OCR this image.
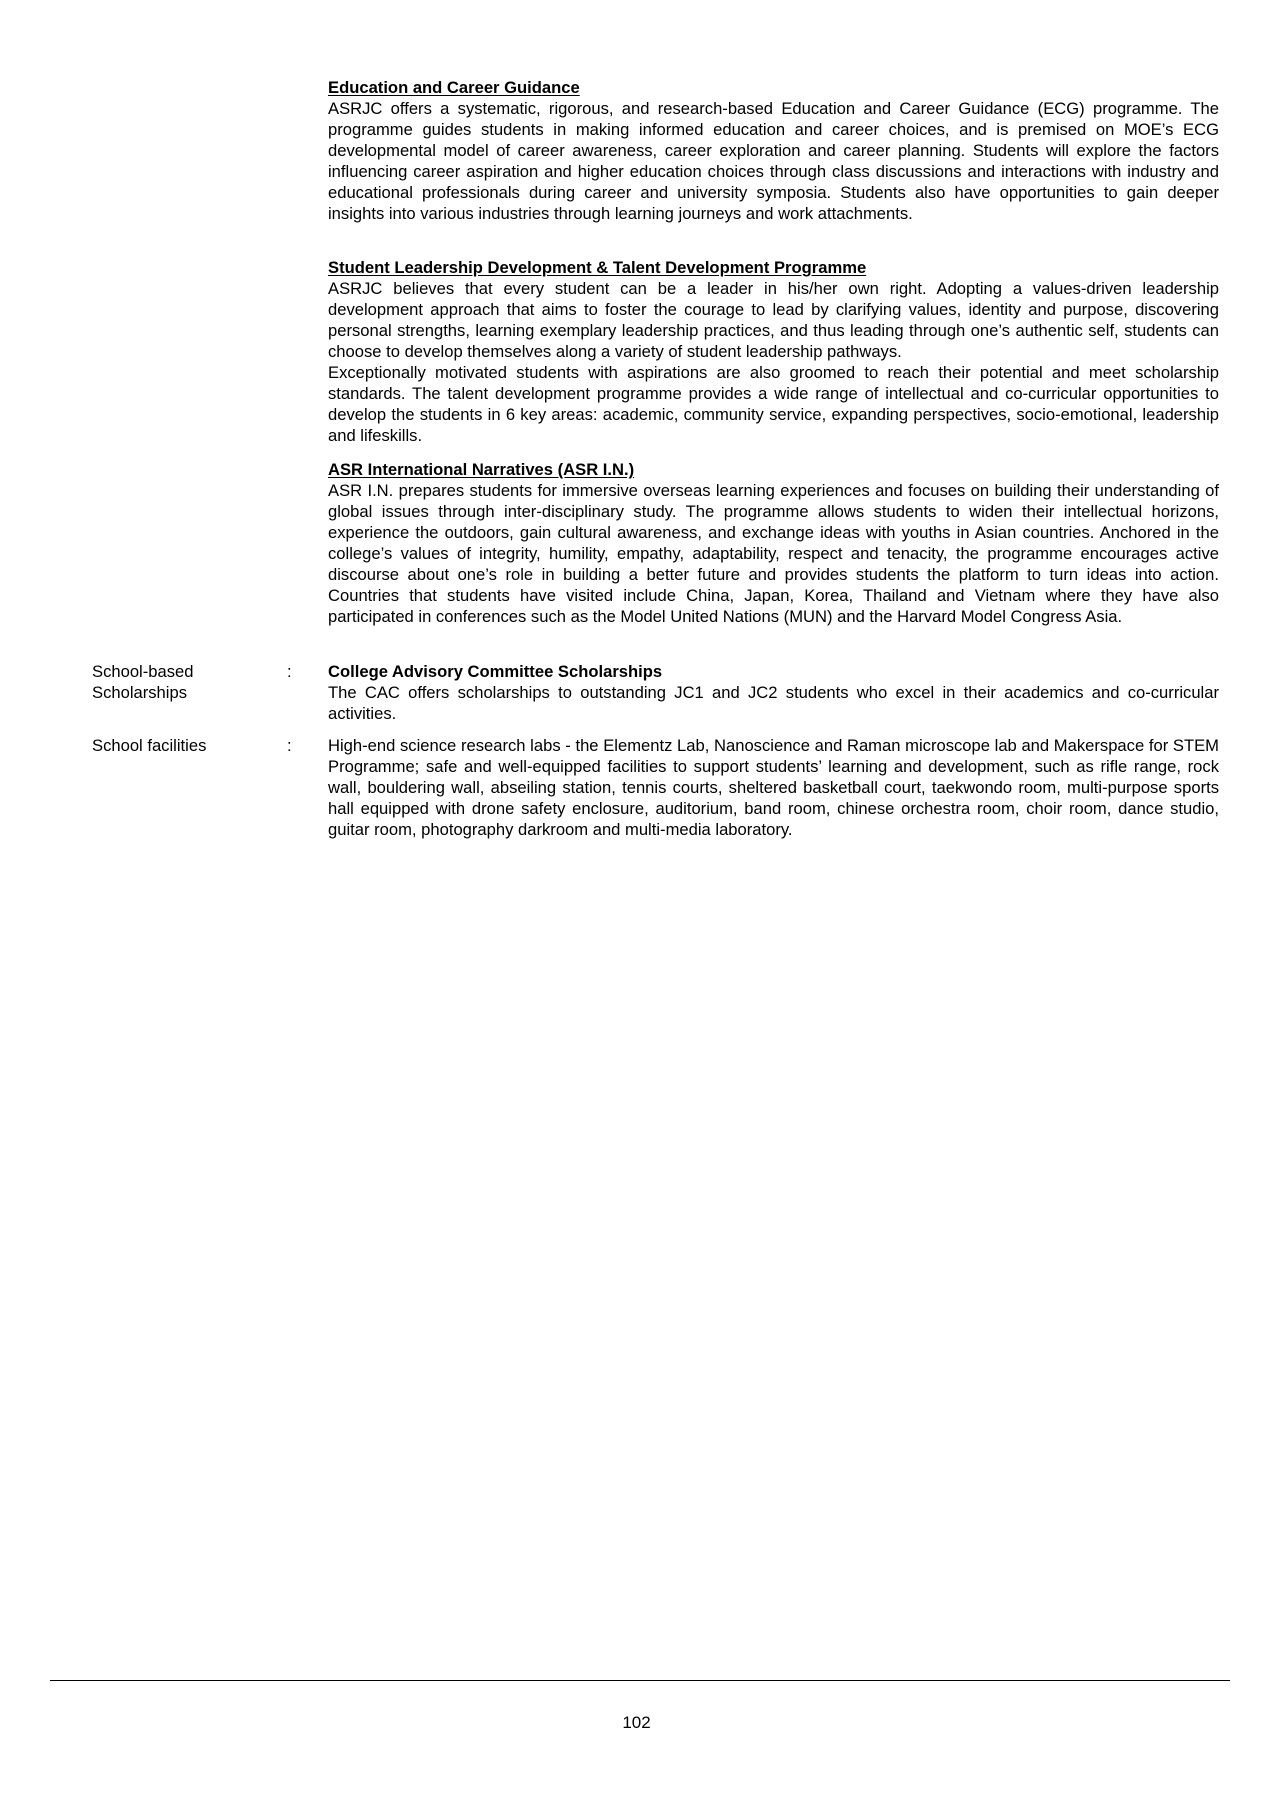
Education and Career Guidance

ASRJC offers a systematic, rigorous, and research-based Education and Career Guidance (ECG) programme. The programme guides students in making informed education and career choices, and is premised on MOE’s ECG developmental model of career awareness, career exploration and career planning. Students will explore the factors influencing career aspiration and higher education choices through class discussions and interactions with industry and educational professionals during career and university symposia. Students also have opportunities to gain deeper insights into various industries through learning journeys and work attachments.

Student Leadership Development & Talent Development Programme

ASRJC believes that every student can be a leader in his/her own right. Adopting a values-driven leadership development approach that aims to foster the courage to lead by clarifying values, identity and purpose, discovering personal strengths, learning exemplary leadership practices, and thus leading through one’s authentic self, students can choose to develop themselves along a variety of student leadership pathways.

Exceptionally motivated students with aspirations are also groomed to reach their potential and meet scholarship standards. The talent development programme provides a wide range of intellectual and co-curricular opportunities to develop the students in 6 key areas: academic, community service, expanding perspectives, socio-emotional, leadership and lifeskills.

ASR International Narratives (ASR I.N.)

ASR I.N. prepares students for immersive overseas learning experiences and focuses on building their understanding of global issues through inter-disciplinary study. The programme allows students to widen their intellectual horizons, experience the outdoors, gain cultural awareness, and exchange ideas with youths in Asian countries. Anchored in the college’s values of integrity, humility, empathy, adaptability, respect and tenacity, the programme encourages active discourse about one’s role in building a better future and provides students the platform to turn ideas into action. Countries that students have visited include China, Japan, Korea, Thailand and Vietnam where they have also participated in conferences such as the Model United Nations (MUN) and the Harvard Model Congress Asia.

School-based
Scholarships
: College Advisory Committee Scholarships

The CAC offers scholarships to outstanding JC1 and JC2 students who excel in their academics and co-curricular activities.

School facilities	: High-end science research labs - the Elementz Lab, Nanoscience and Raman microscope lab and Makerspace for STEM Programme; safe and well-equipped facilities to support students’ learning and development, such as rifle range, rock wall, bouldering wall, abseiling station, tennis courts, sheltered basketball court, taekwondo room, multi-purpose sports hall equipped with drone safety enclosure, auditorium, band room, chinese orchestra room, choir room, dance studio, guitar room, photography darkroom and multi-media laboratory.

102
